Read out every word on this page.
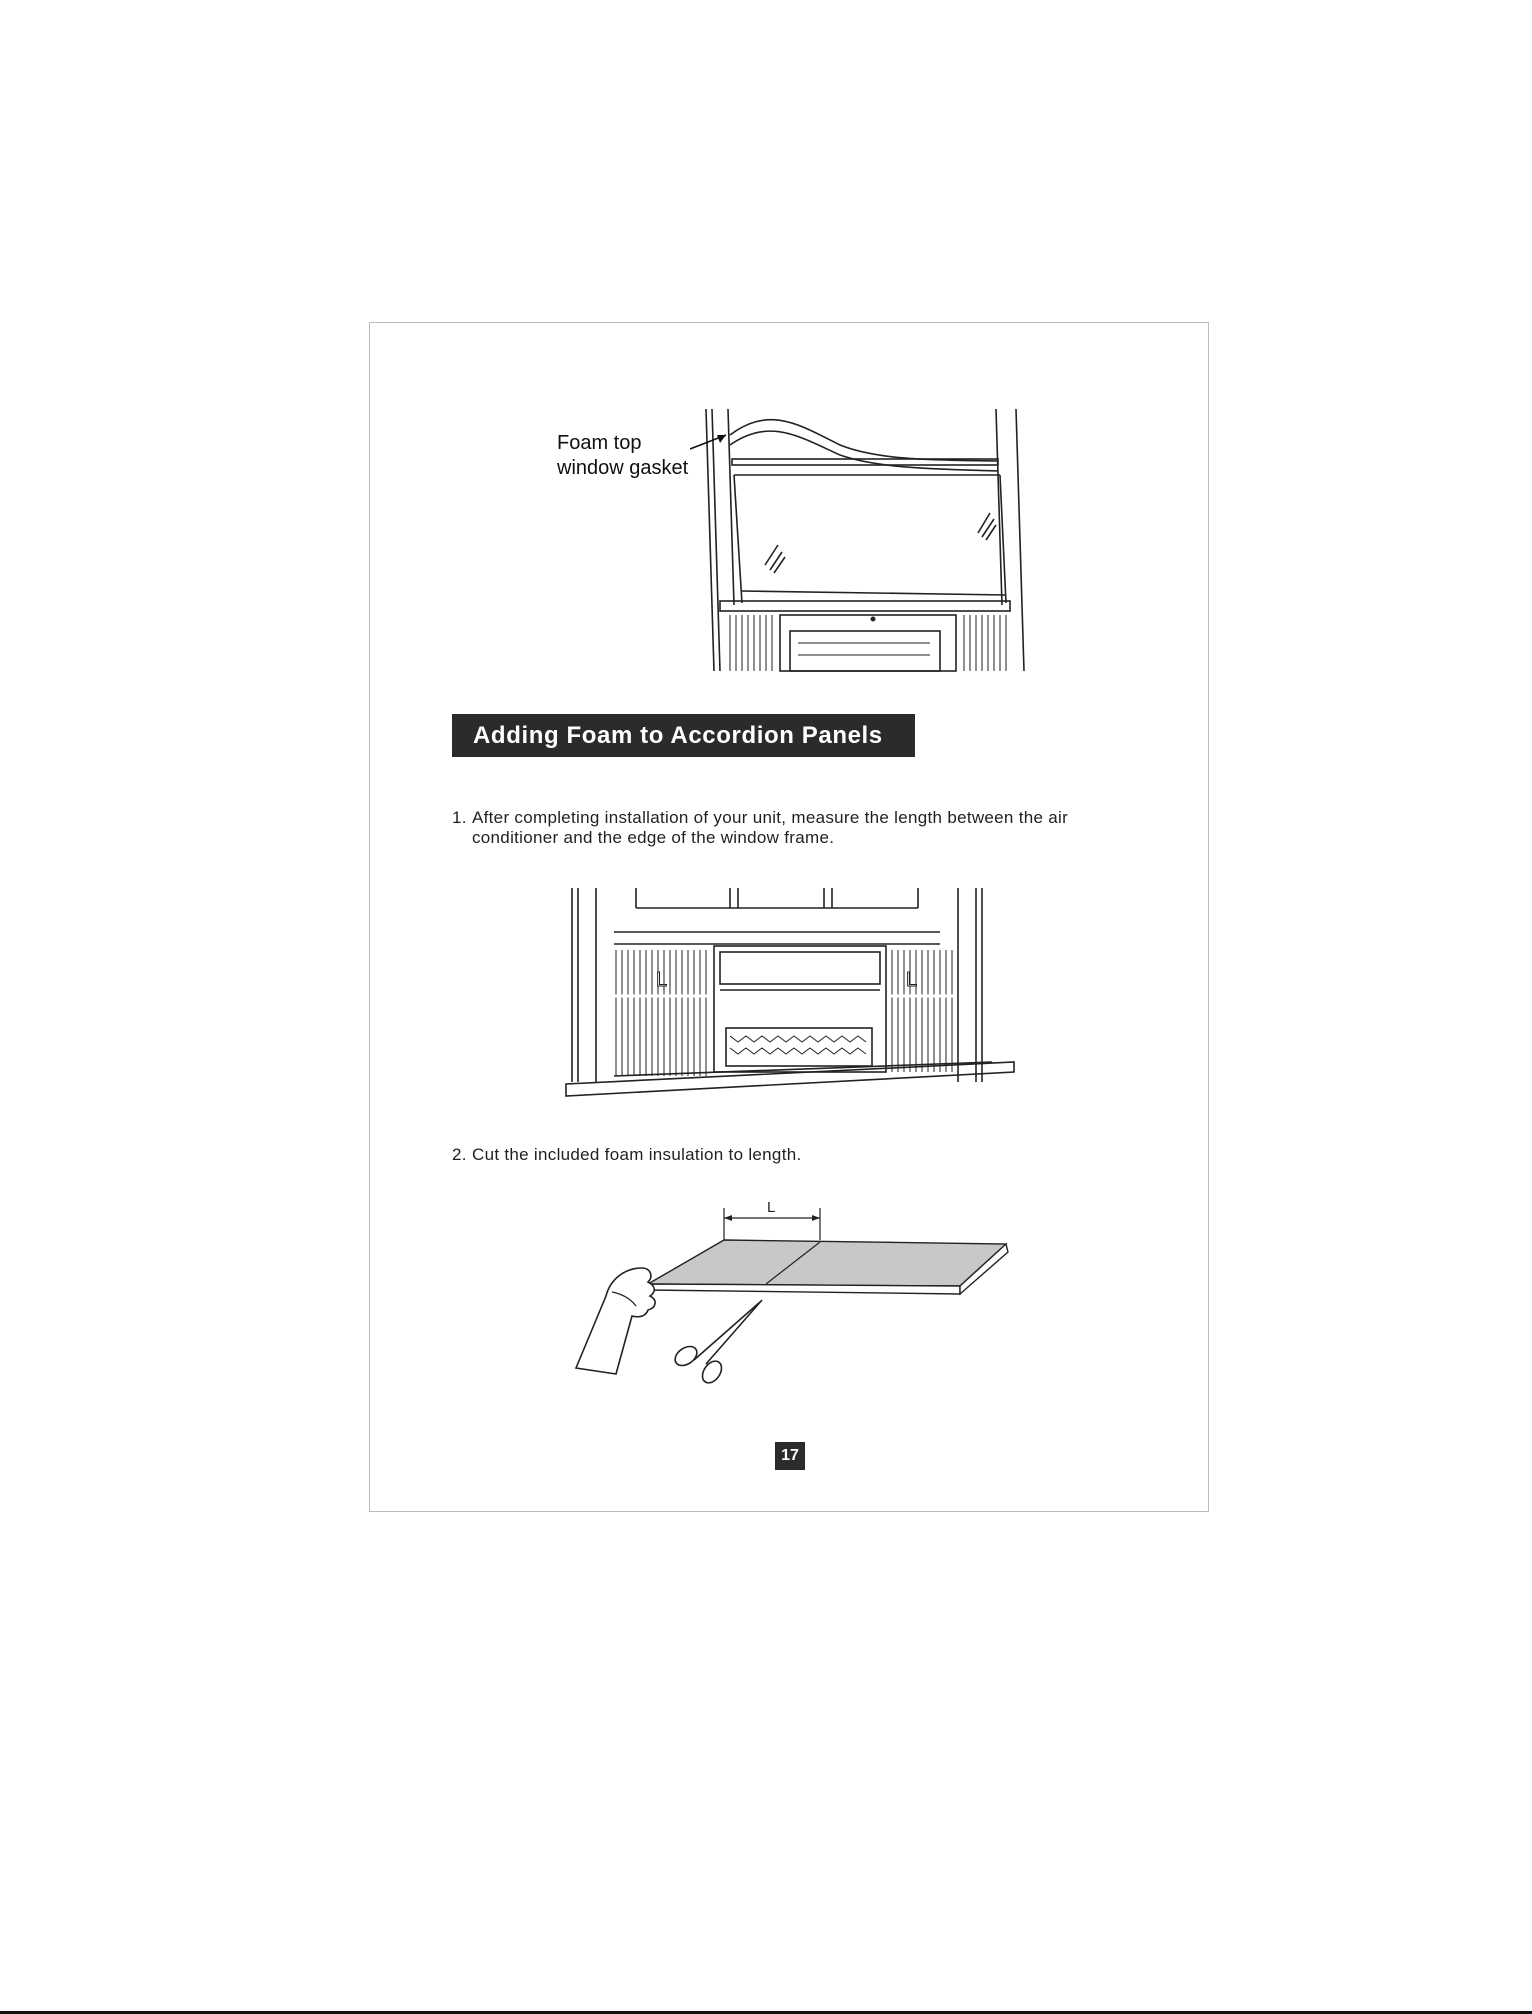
Foam top
window gasket
Adding Foam to Accordion Panels
1. After completing installation of your unit, measure the length between the air
conditioner and the edge of the window frame.
L	L
2. Cut the included foam insulation to length.
L
17
